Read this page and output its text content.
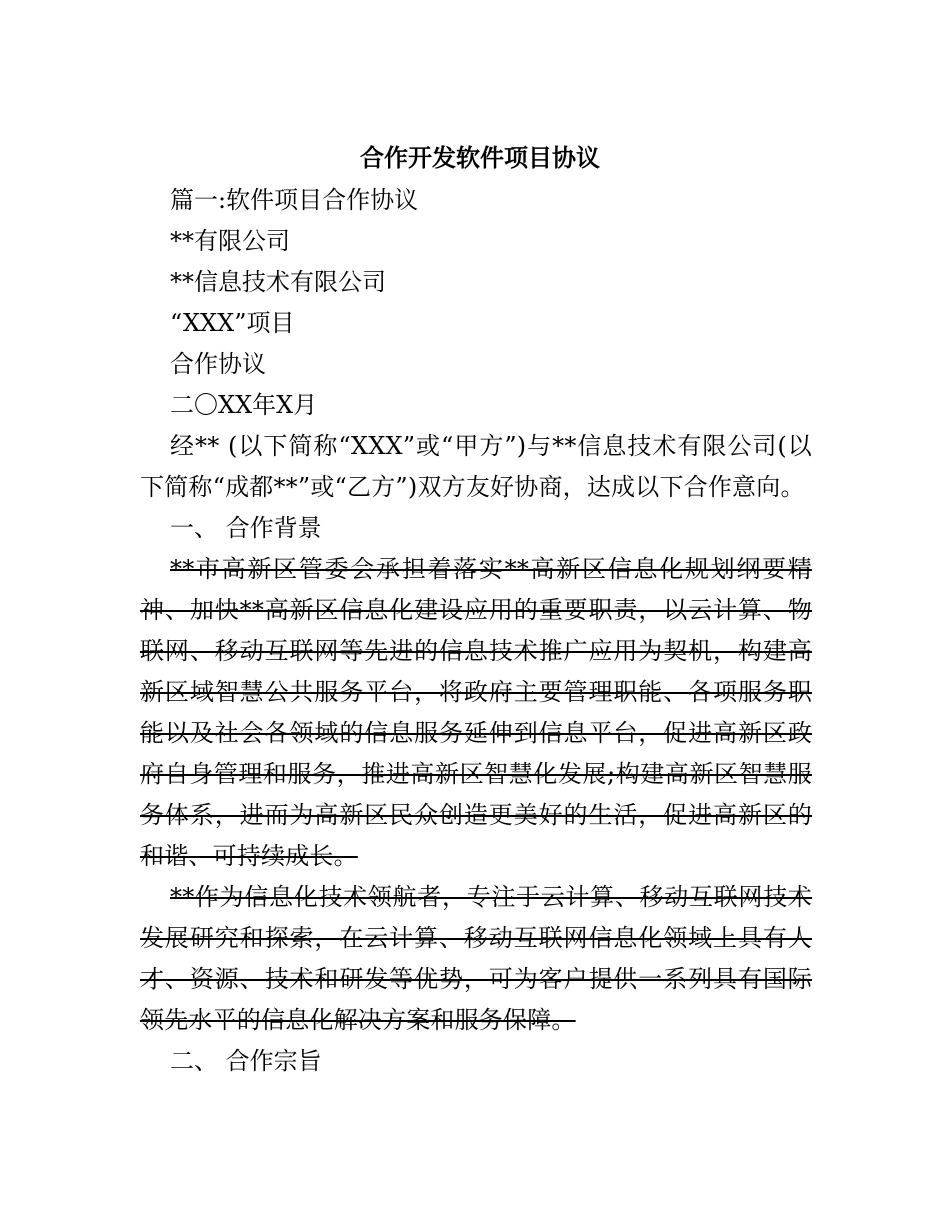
合作开发软件项目协议

篇一:软件项目合作协议

**有限公司

**信息技术有限公司

“XXX”项目

合作协议

二〇XX年X月

经** (以下简称“XXX”或“甲方”)与**信息技术有限公司(以下简称“成都**”或“乙方”)双方友好协商，达成以下合作意向。

一、 合作背景

**市高新区管委会承担着落实**高新区信息化规划纲要精神、加快**高新区信息化建设应用的重要职责，以云计算、物联网、移动互联网等先进的信息技术推广应用为契机，构建高新区域智慧公共服务平台，将政府主要管理职能、各项服务职能以及社会各领域的信息服务延伸到信息平台，促进高新区政府自身管理和服务，推进高新区智慧化发展;构建高新区智慧服务体系，进而为高新区民众创造更美好的生活，促进高新区的和谐、可持续成长。

**作为信息化技术领航者，专注于云计算、移动互联网技术发展研究和探索，在云计算、移动互联网信息化领域上具有人才、资源、技术和研发等优势，可为客户提供一系列具有国际领先水平的信息化解决方案和服务保障。

二、 合作宗旨
